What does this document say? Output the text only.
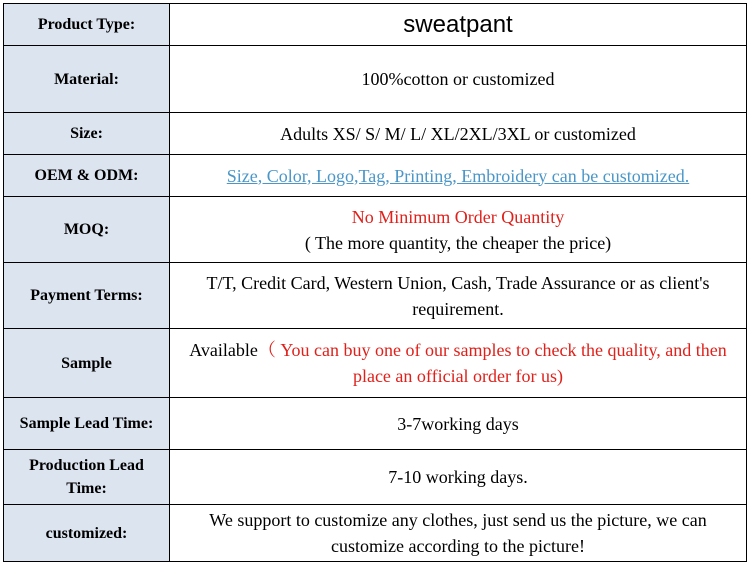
Product Type:	sweatpant
Material:	100%cotton or customized
Size:	Adults XS/ S/ M/ L/ XL/2XL/3XL or customized
OEM & ODM:	Size, Color, Logo,Tag, Printing, Embroidery can be customized.
MOQ:	No Minimum Order Quantity
( The more quantity, the cheaper the price)

Payment Terms:	T/T, Credit Card, Western Union, Cash, Trade Assurance or as client's requirement.
Sample	Available（ You can buy one of our samples to check the quality, and then place an official order for us)
Sample Lead Time:	3-7working days
Production Lead Time:	7-10 working days.
customized:	We support to customize any clothes, just send us the picture, we can customize according to the picture!
